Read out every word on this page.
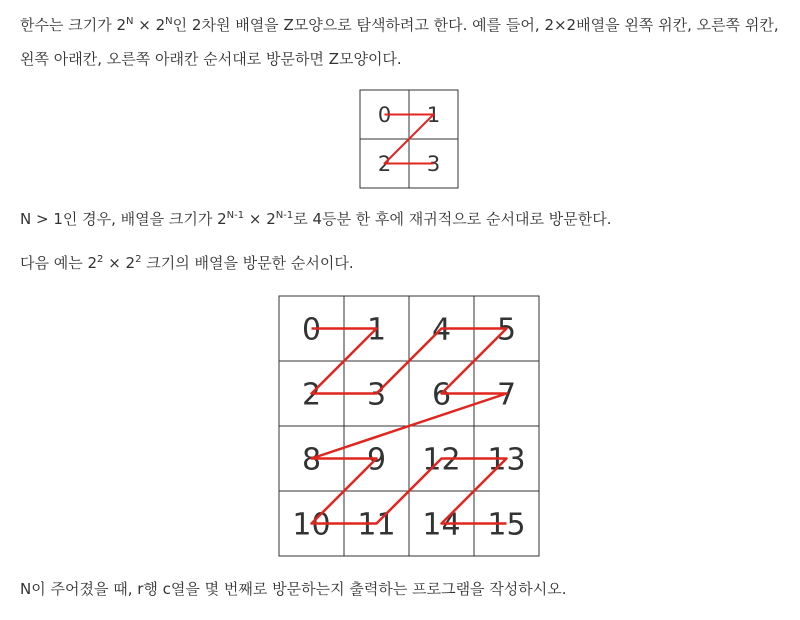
한수는 크기가 $2^N \times 2^N$인 2차원 배열을 Z모양으로 탐색하려고 한다. 예를 들어, 2×2배열을 왼쪽 위칸, 오른쪽 위칸,
왼쪽 아래칸, 오른쪽 아래칸 순서대로 방문하면 Z모양이다.
0 1
2 3
0 1 4 5
2 3 6 7
8 9 12 13
10 11 14 15
N > 1인 경우, 배열을 크기가 $2^{N-1} \times 2^{N-1}$로 4등분 한 후에 재귀적으로 순서대로 방문한다.
다음 예는 $2^2 \times 2^2$ 크기의 배열을 방문한 순서이다.
N이 주어졌을 때, r행 c열을 몇 번째로 방문하는지 출력하는 프로그램을 작성하시오.
